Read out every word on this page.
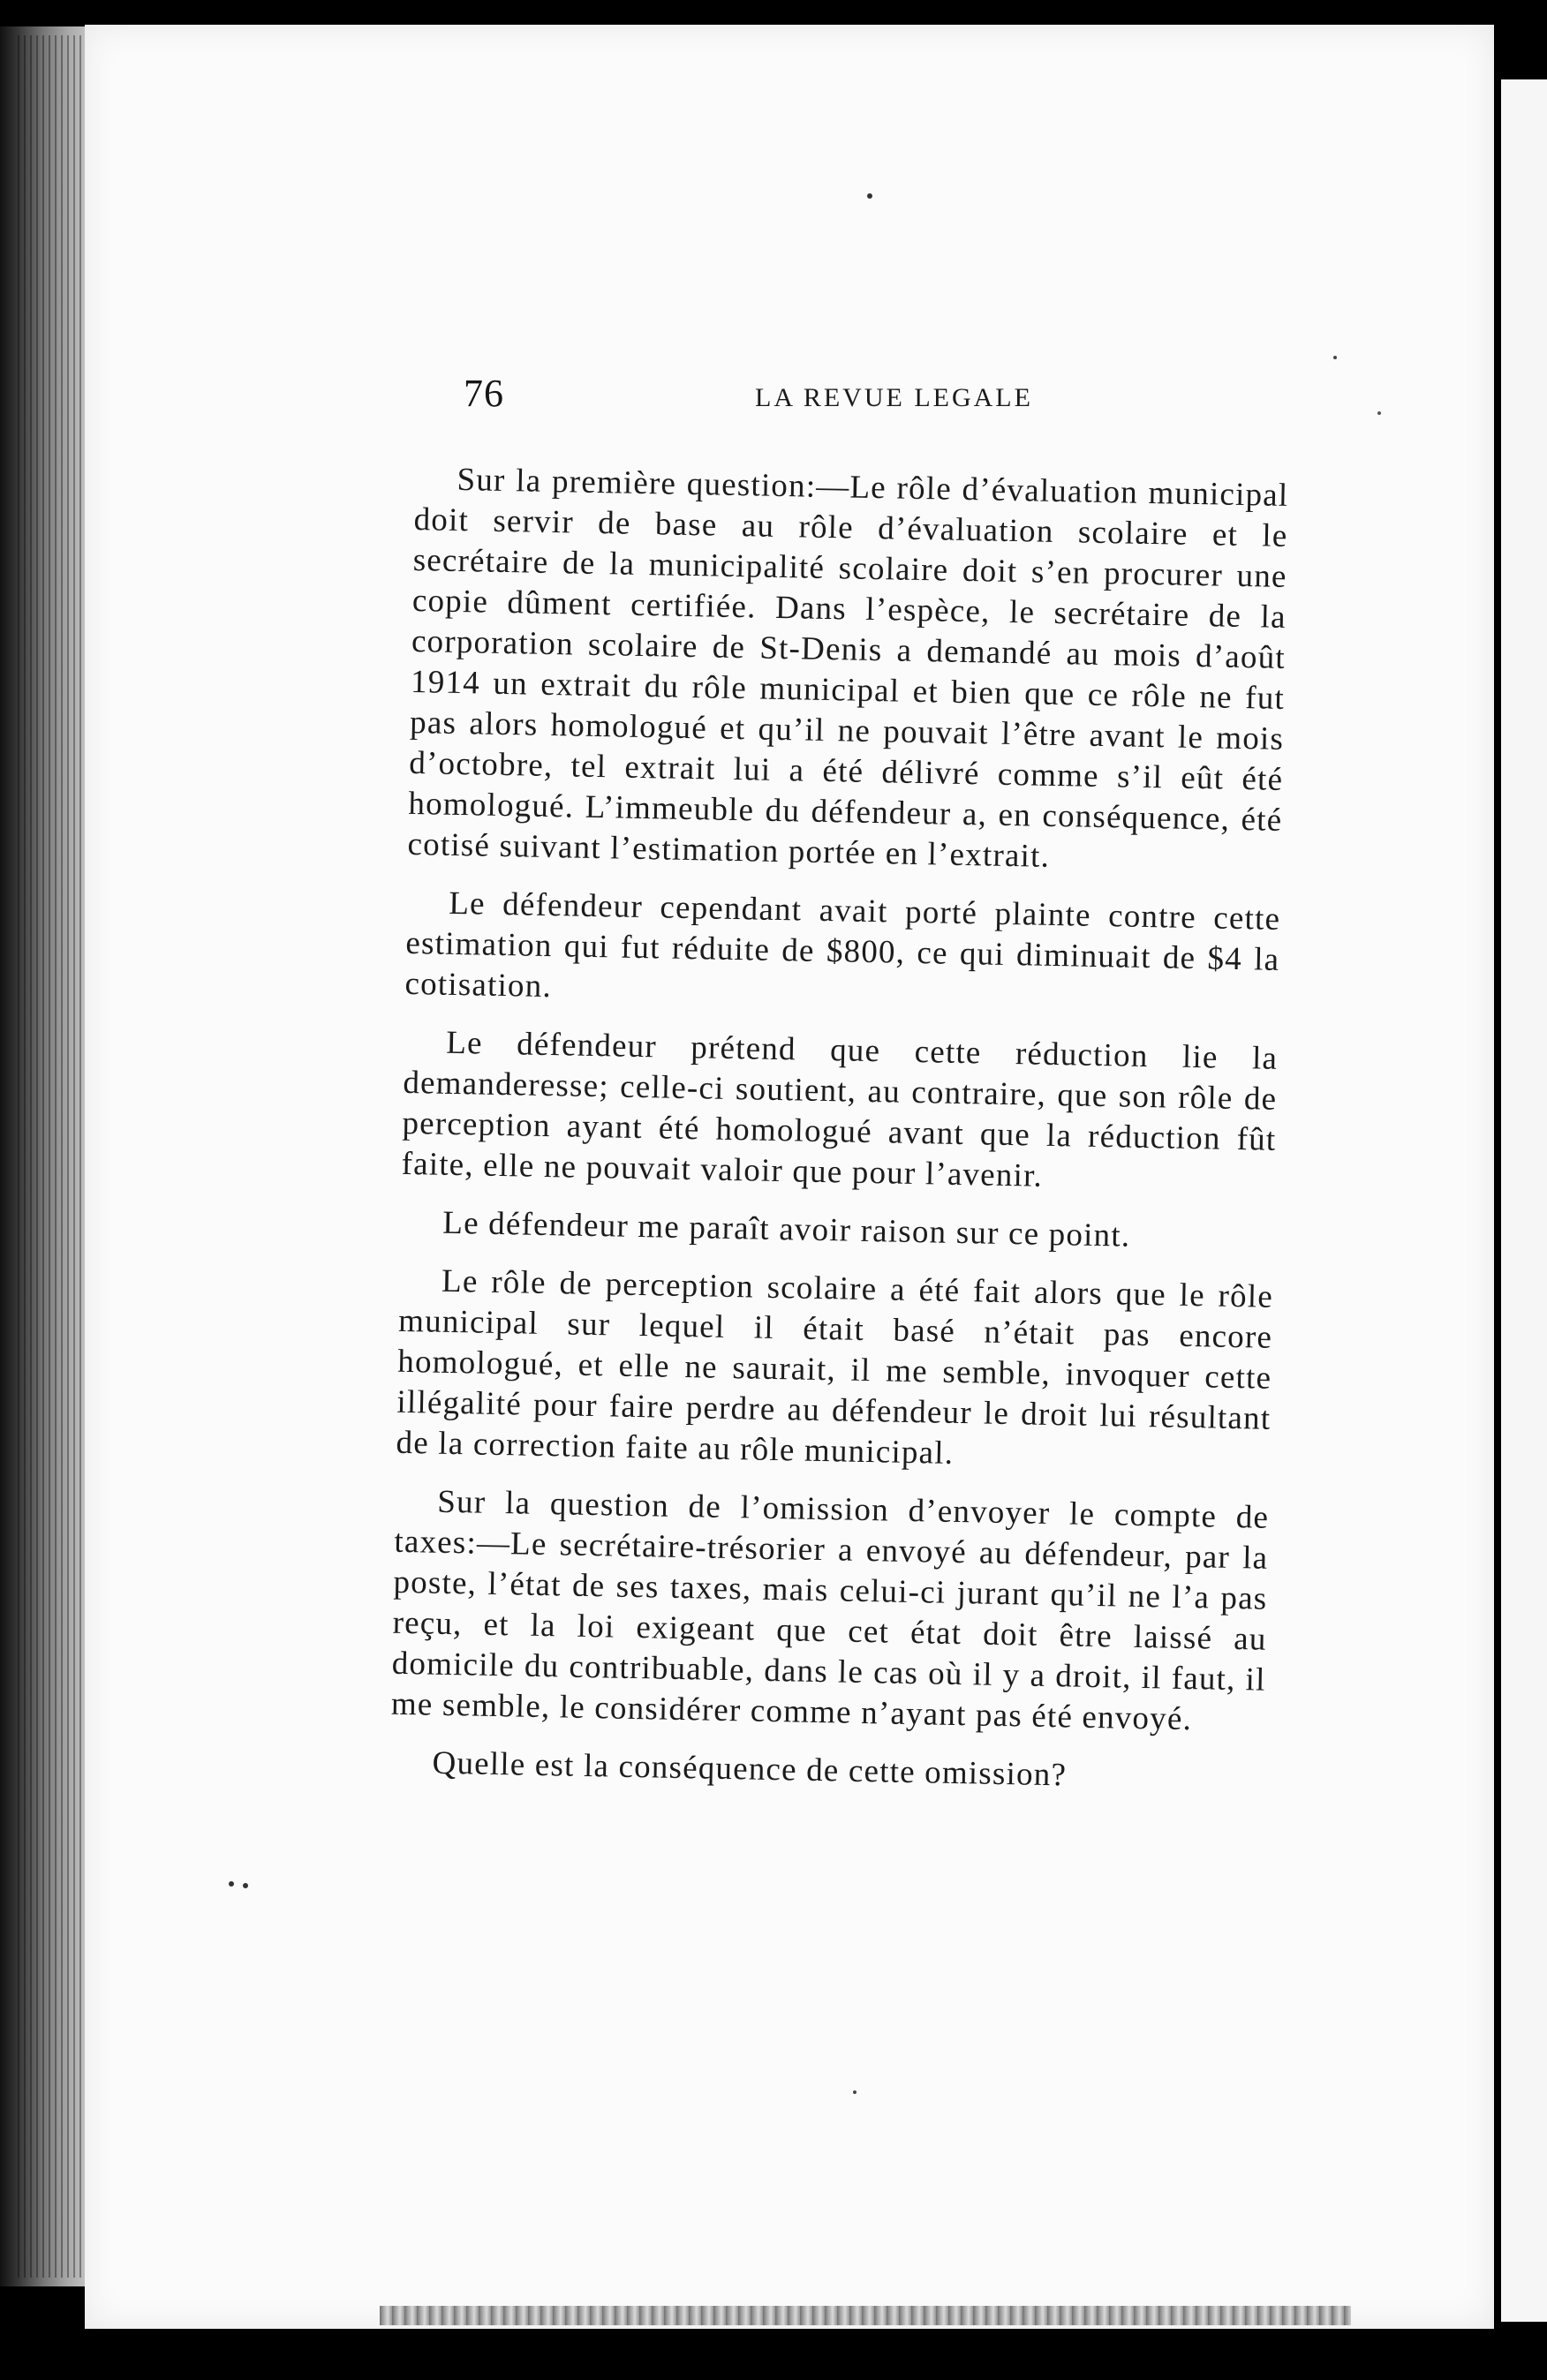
76	LA REVUE LEGALE

Sur la première question:—Le rôle d’évaluation municipal doit servir de base au rôle d’évaluation scolaire et le secrétaire de la municipalité scolaire doit s’en procurer une copie dûment certifiée. Dans l’espèce, le secrétaire de la corporation scolaire de St-Denis a demandé au mois d’août 1914 un extrait du rôle municipal et bien que ce rôle ne fut pas alors homologué et qu’il ne pouvait l’être avant le mois d’octobre, tel extrait lui a été délivré comme s’il eût été homologué. L’immeuble du défendeur a, en conséquence, été cotisé suivant l’estimation portée en l’extrait.

Le défendeur cependant avait porté plainte contre cette estimation qui fut réduite de $800, ce qui diminuait de $4 la cotisation.

Le défendeur prétend que cette réduction lie la demanderesse; celle-ci soutient, au contraire, que son rôle de perception ayant été homologué avant que la réduction fût faite, elle ne pouvait valoir que pour l’avenir.

Le défendeur me paraît avoir raison sur ce point.

Le rôle de perception scolaire a été fait alors que le rôle municipal sur lequel il était basé n’était pas encore homologué, et elle ne saurait, il me semble, invoquer cette illégalité pour faire perdre au défendeur le droit lui résultant de la correction faite au rôle municipal.

Sur la question de l’omission d’envoyer le compte de taxes:—Le secrétaire-trésorier a envoyé au défendeur, par la poste, l’état de ses taxes, mais celui-ci jurant qu’il ne l’a pas reçu, et la loi exigeant que cet état doit être laissé au domicile du contribuable, dans le cas où il y a droit, il faut, il me semble, le considérer comme n’ayant pas été envoyé.

Quelle est la conséquence de cette omission?
